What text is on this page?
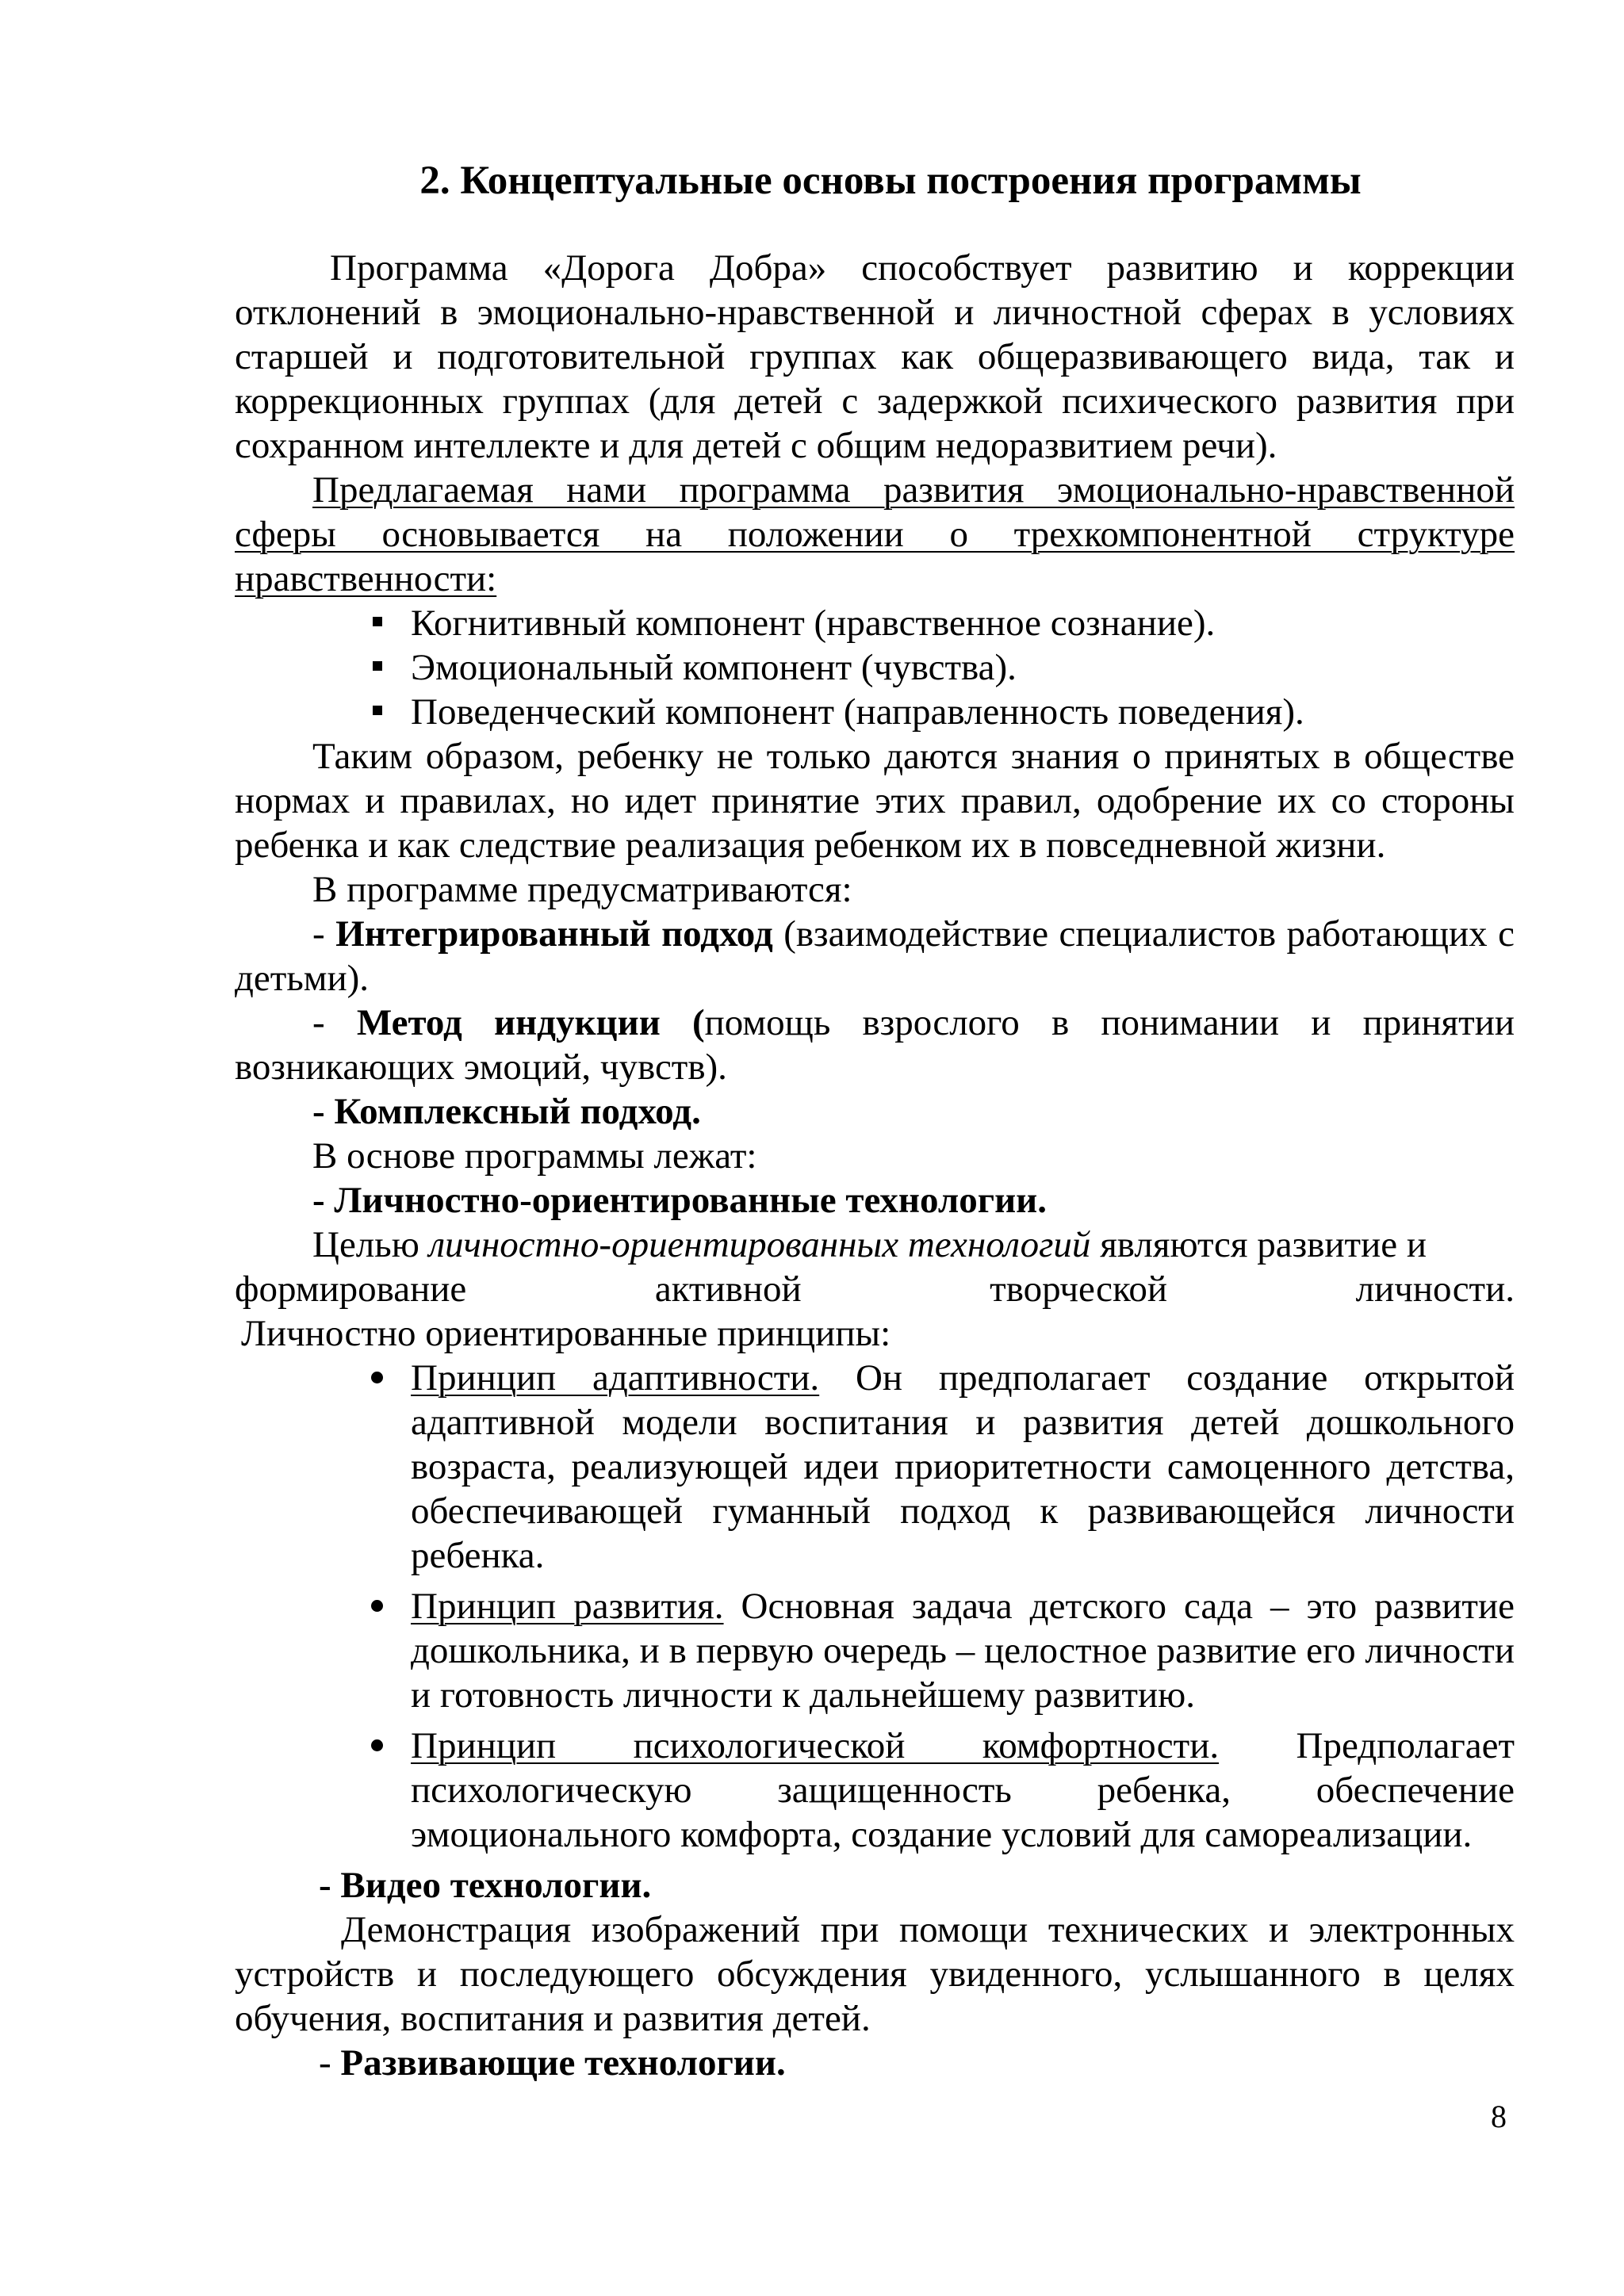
2. Концептуальные основы построения программы

Программа «Дорога Добра» способствует развитию и коррекции отклонений в эмоционально-нравственной и личностной сферах в условиях старшей и подготовительной группах как общеразвивающего вида, так и коррекционных группах (для детей с задержкой психического развития при сохранном интеллекте и для детей с общим недоразвитием речи).

Предлагаемая нами программа развития эмоционально-нравственной сферы основывается на положении о трехкомпонентной структуре нравственности:

Когнитивный компонент (нравственное сознание).
Эмоциональный компонент (чувства).
Поведенческий компонент (направленность поведения).

Таким образом, ребенку не только даются знания о принятых в обществе нормах и правилах, но идет принятие этих правил, одобрение их со стороны ребенка и как следствие реализация ребенком их в повседневной жизни.

В программе предусматриваются:

- Интегрированный подход (взаимодействие специалистов работающих с детьми).

- Метод индукции (помощь взрослого в понимании и принятии возникающих эмоций, чувств).

- Комплексный подход.

В основе программы лежат:

- Личностно-ориентированные технологии.

Целью личностно-ориентированных технологий являются развитие и

формирование	активной	творческой	личности.

Личностно ориентированные принципы:

Принцип адаптивности. Он предполагает создание открытой адаптивной модели воспитания и развития детей дошкольного возраста, реализующей идеи приоритетности самоценного детства, обеспечивающей гуманный подход к развивающейся личности ребенка.
Принцип развития. Основная задача детского сада – это развитие дошкольника, и в первую очередь – целостное развитие его личности и готовность личности к дальнейшему развитию.
Принцип психологической комфортности. Предполагает психологическую защищенность ребенка, обеспечение эмоционального комфорта, создание условий для самореализации.

- Видео технологии.

Демонстрация изображений при помощи технических и электронных устройств и последующего обсуждения увиденного, услышанного в целях обучения, воспитания и развития детей.

- Развивающие технологии.

8
